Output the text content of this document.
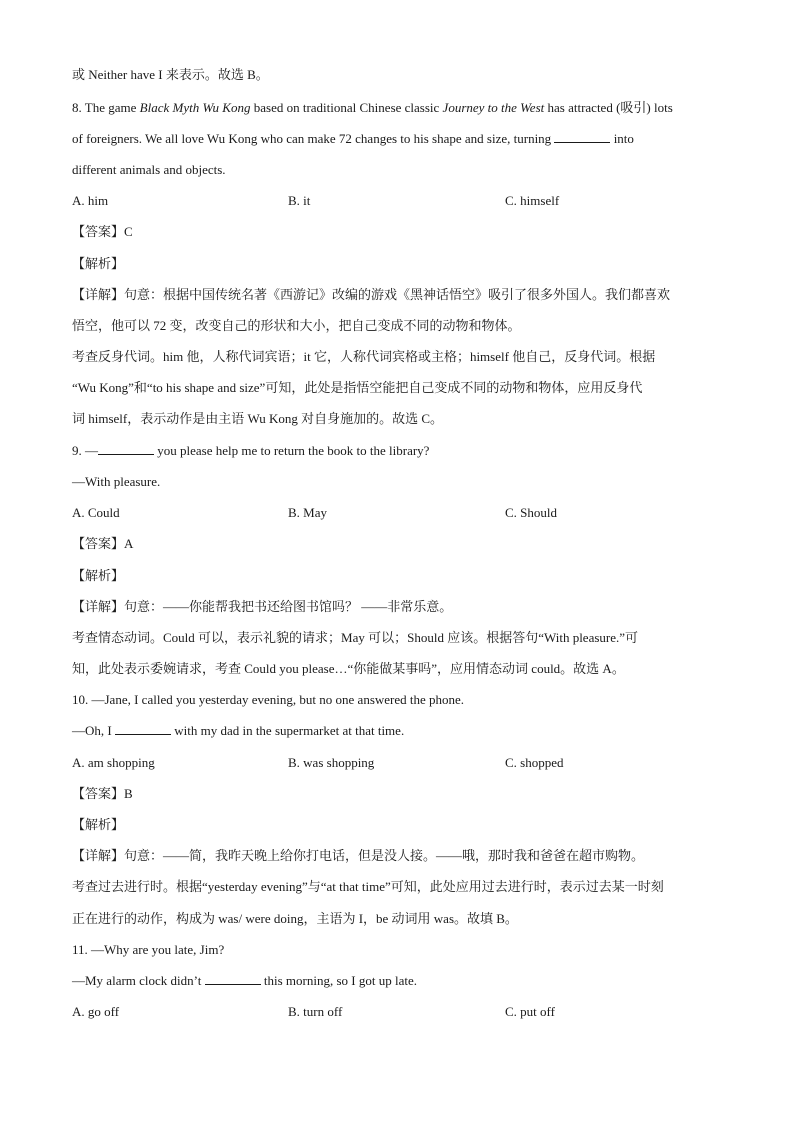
或 Neither have I 来表示。故选 B。
8. The game Black Myth Wu Kong based on traditional Chinese classic Journey to the West has attracted (吸引) lots
of foreigners. We all love Wu Kong who can make 72 changes to his shape and size, turning	into
different animals and objects.
A. him	B. it	C. himself
【答案】C
【解析】
【详解】句意：根据中国传统名著《西游记》改编的游戏《黑神话悟空》吸引了很多外国人。我们都喜欢
悟空，他可以 72 变，改变自己的形状和大小，把自己变成不同的动物和物体。
考查反身代词。him 他，人称代词宾语；it 它，人称代词宾格或主格；himself 他自己，反身代词。根据
“Wu Kong”和“to his shape and size”可知，此处是指悟空能把自己变成不同的动物和物体，应用反身代
词 himself，表示动作是由主语 Wu Kong 对自身施加的。故选 C。
9. —	you please help me to return the book to the library?
—With pleasure.
A. Could	B. May	C. Should
【答案】A
【解析】
【详解】句意：——你能帮我把书还给图书馆吗？ ——非常乐意。
考查情态动词。Could 可以，表示礼貌的请求；May 可以；Should 应该。根据答句“With pleasure.”可
知，此处表示委婉请求，考查 Could you please…“你能做某事吗”，应用情态动词 could。故选 A。
10. —Jane, I called you yesterday evening, but no one answered the phone.
—Oh, I	with my dad in the supermarket at that time.
A. am shopping	B. was shopping	C. shopped
【答案】B
【解析】
【详解】句意：——简，我昨天晚上给你打电话，但是没人接。——哦，那时我和爸爸在超市购物。
考查过去进行时。根据“yesterday evening”与“at that time”可知，此处应用过去进行时，表示过去某一时刻
正在进行的动作，构成为 was/ were doing，主语为 I，be 动词用 was。故填 B。
11. —Why are you late, Jim?
—My alarm clock didn’t	this morning, so I got up late.
A. go off	B. turn off	C. put off
